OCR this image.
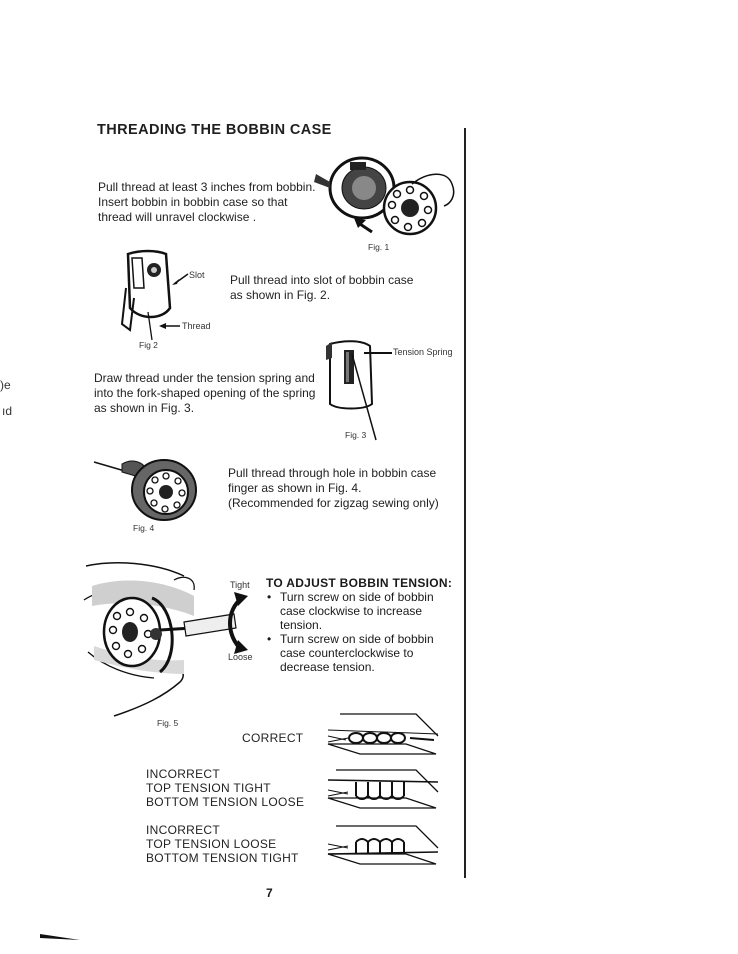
)e
ıd
THREADING THE BOBBIN CASE
Pull thread at least 3 inches from bobbin.
Insert bobbin in bobbin case so that
thread will unravel clockwise .
Fig. 1
Slot
Thread
Fig 2
Pull thread into slot of bobbin case
as shown in Fig. 2.
Draw thread under the tension spring and
into the fork-shaped opening of the spring
as shown in Fig. 3.
Tension Spring
Fig. 3
Fig. 4
Pull thread through hole in bobbin case
finger as shown in Fig. 4.
(Recommended for zigzag sewing only)
Fig. 5
Tight
Loose
TO ADJUST BOBBIN TENSION:
• Turn screw on side of bobbin
case clockwise to increase
tension.
• Turn screw on side of bobbin
case counterclockwise to
decrease tension.
CORRECT
INCORRECT
TOP TENSION TIGHT
BOTTOM TENSION LOOSE
INCORRECT
TOP TENSION LOOSE
BOTTOM TENSION TIGHT
7
